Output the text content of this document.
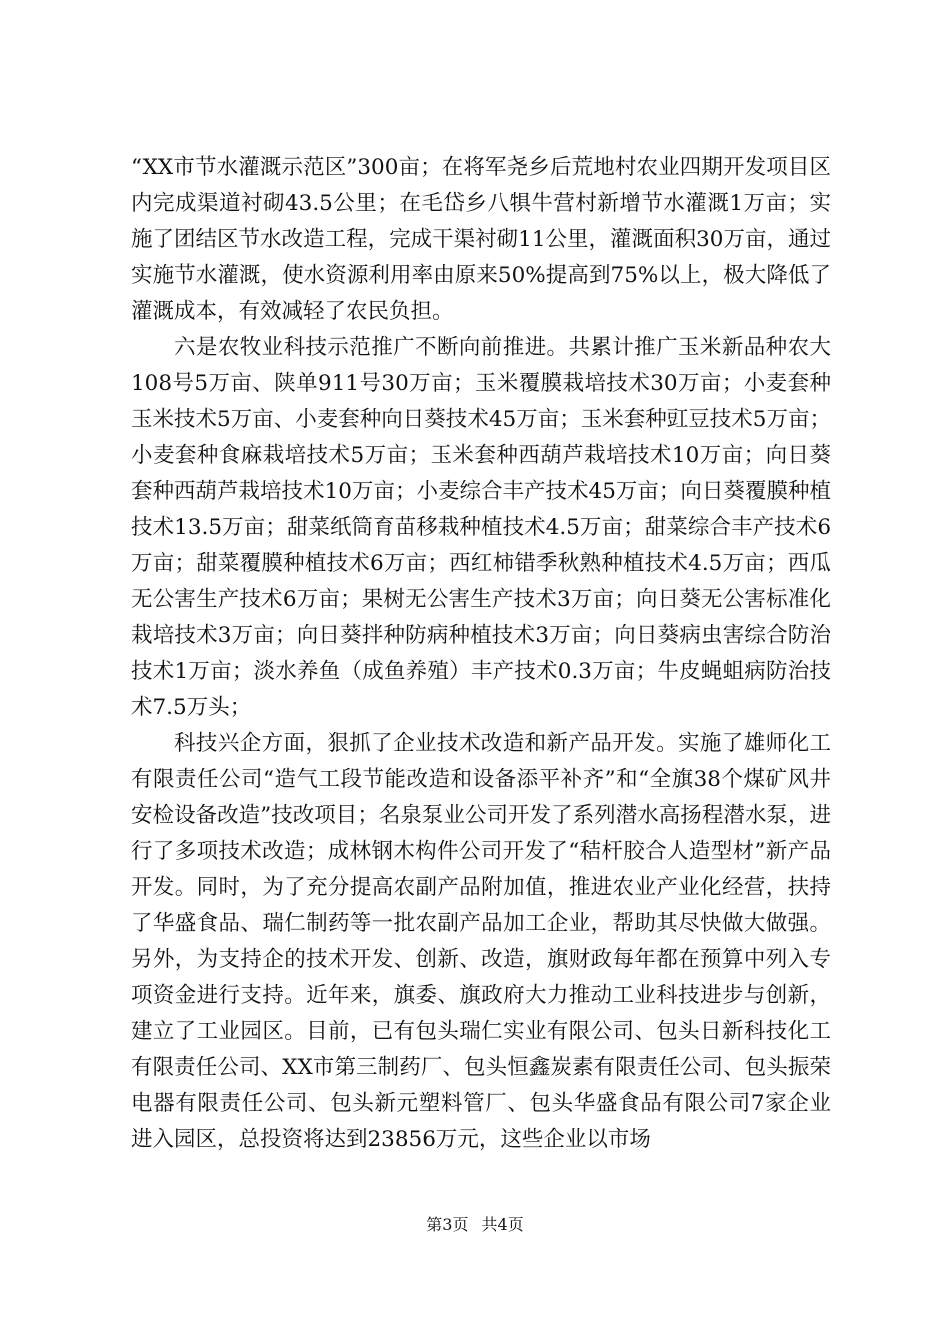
“XX市节水灌溉示范区”300亩；在将军尧乡后荒地村农业四期开发项目区内完成渠道衬砌43.5公里；在毛岱乡八犋牛营村新增节水灌溉1万亩；实施了团结区节水改造工程，完成干渠衬砌11公里，灌溉面积30万亩，通过实施节水灌溉，使水资源利用率由原来50%提高到75%以上，极大降低了灌溉成本，有效减轻了农民负担。

六是农牧业科技示范推广不断向前推进。共累计推广玉米新品种农大108号5万亩、陕单911号30万亩；玉米覆膜栽培技术30万亩；小麦套种玉米技术5万亩、小麦套种向日葵技术45万亩；玉米套种豇豆技术5万亩；小麦套种食麻栽培技术5万亩；玉米套种西葫芦栽培技术10万亩；向日葵套种西葫芦栽培技术10万亩；小麦综合丰产技术45万亩；向日葵覆膜种植技术13.5万亩；甜菜纸筒育苗移栽种植技术4.5万亩；甜菜综合丰产技术6万亩；甜菜覆膜种植技术6万亩；西红柿错季秋熟种植技术4.5万亩；西瓜无公害生产技术6万亩；果树无公害生产技术3万亩；向日葵无公害标准化栽培技术3万亩；向日葵拌种防病种植技术3万亩；向日葵病虫害综合防治技术1万亩；淡水养鱼（成鱼养殖）丰产技术0.3万亩；牛皮蝇蛆病防治技术7.5万头；

科技兴企方面，狠抓了企业技术改造和新产品开发。实施了雄师化工有限责任公司“造气工段节能改造和设备添平补齐”和“全旗38个煤矿风井安检设备改造”技改项目；名泉泵业公司开发了系列潜水高扬程潜水泵，进行了多项技术改造；成林钢木构件公司开发了“秸杆胶合人造型材”新产品开发。同时，为了充分提高农副产品附加值，推进农业产业化经营，扶持了华盛食品、瑞仁制药等一批农副产品加工企业，帮助其尽快做大做强。另外，为支持企的技术开发、创新、改造，旗财政每年都在预算中列入专项资金进行支持。近年来，旗委、旗政府大力推动工业科技进步与创新，建立了工业园区。目前，已有包头瑞仁实业有限公司、包头日新科技化工有限责任公司、XX市第三制药厂、包头恒鑫炭素有限责任公司、包头振荣电器有限责任公司、包头新元塑料管厂、包头华盛食品有限公司7家企业进入园区，总投资将达到23856万元，这些企业以市场

第3页 共4页
